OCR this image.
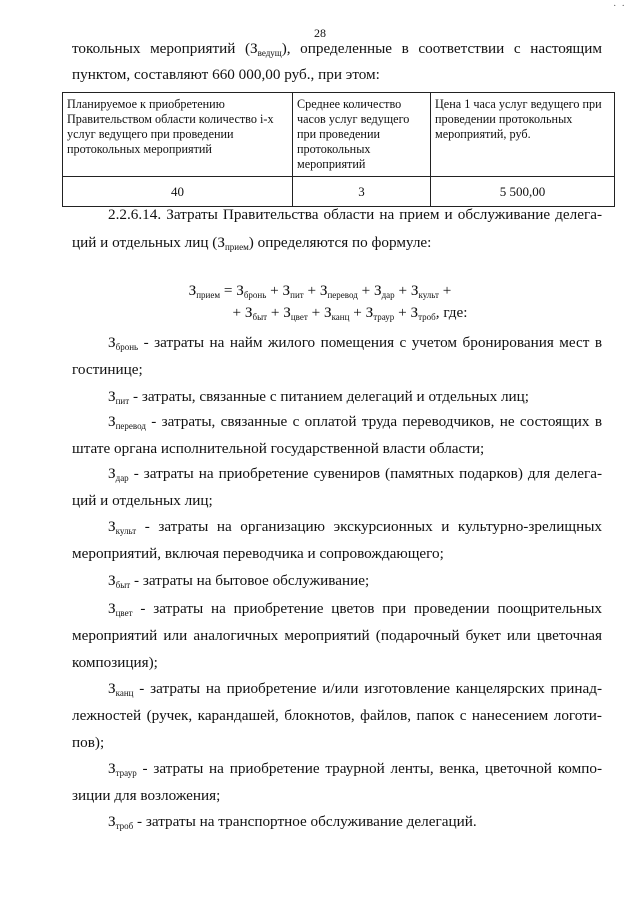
· ·
28
токольных мероприятий $(З_{ведущ})$, определенные в соответствии с настоящим
пунктом, составляют 660 000,00 руб., при этом:
Планируемое к приобретению Правительством области количество i-х услуг ведущего при проведении протокольных мероприятий	Среднее количество часов услуг ведущего при проведении протокольных мероприятий	Цена 1 часа услуг ведущего при проведении протокольных мероприятий, руб.
40	3	5 500,00
2.2.6.14. Затраты Правительства области на прием и обслуживание делега-
ций и отдельных лиц $(З_{прием})$ определяются по формуле:
$З_{прием} = З_{бронь} + З_{пит} + З_{перевод} + З_{дар} + З_{культ}$ +
+ $З_{быт} + З_{цвет} + З_{канц} + З_{траур} + З_{троб}$, где:
$З_{бронь}$ - затраты на найм жилого помещения с учетом бронирования мест в
гостинице;
$З_{пит}$ - затраты, связанные с питанием делегаций и отдельных лиц;
$З_{перевод}$ - затраты, связанные с оплатой труда переводчиков, не состоящих в
штате органа исполнительной государственной власти области;
$З_{дар}$ - затраты на приобретение сувениров (памятных подарков) для делега-
ций и отдельных лиц;
$З_{культ}$ - затраты на организацию экскурсионных и культурно-зрелищных
мероприятий, включая переводчика и сопровождающего;
$З_{быт}$ - затраты на бытовое обслуживание;
$З_{цвет}$ - затраты на приобретение цветов при проведении поощрительных
мероприятий или аналогичных мероприятий (подарочный букет или цветочная
композиция);
$З_{канц}$ - затраты на приобретение и/или изготовление канцелярских принад-
лежностей (ручек, карандашей, блокнотов, файлов, папок с нанесением логоти-
пов);
$З_{траур}$ - затраты на приобретение траурной ленты, венка, цветочной компо-
зиции для возложения;
$З_{троб}$ - затраты на транспортное обслуживание делегаций.
